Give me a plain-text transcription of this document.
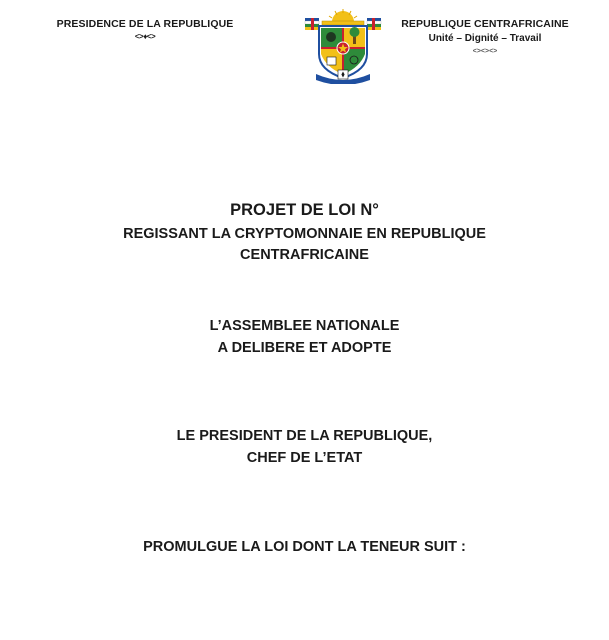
PRESIDENCE DE LA REPUBLIQUE
<>♦<>
REPUBLIQUE CENTRAFRICAINE
Unité – Dignité – Travail
<><><>
PROJET DE LOI N°
REGISSANT LA CRYPTOMONNAIE EN REPUBLIQUE
CENTRAFRICAINE
L’ASSEMBLEE NATIONALE
A DELIBERE ET ADOPTE
LE PRESIDENT DE LA REPUBLIQUE,
CHEF DE L’ETAT
PROMULGUE LA LOI DONT LA TENEUR SUIT :
